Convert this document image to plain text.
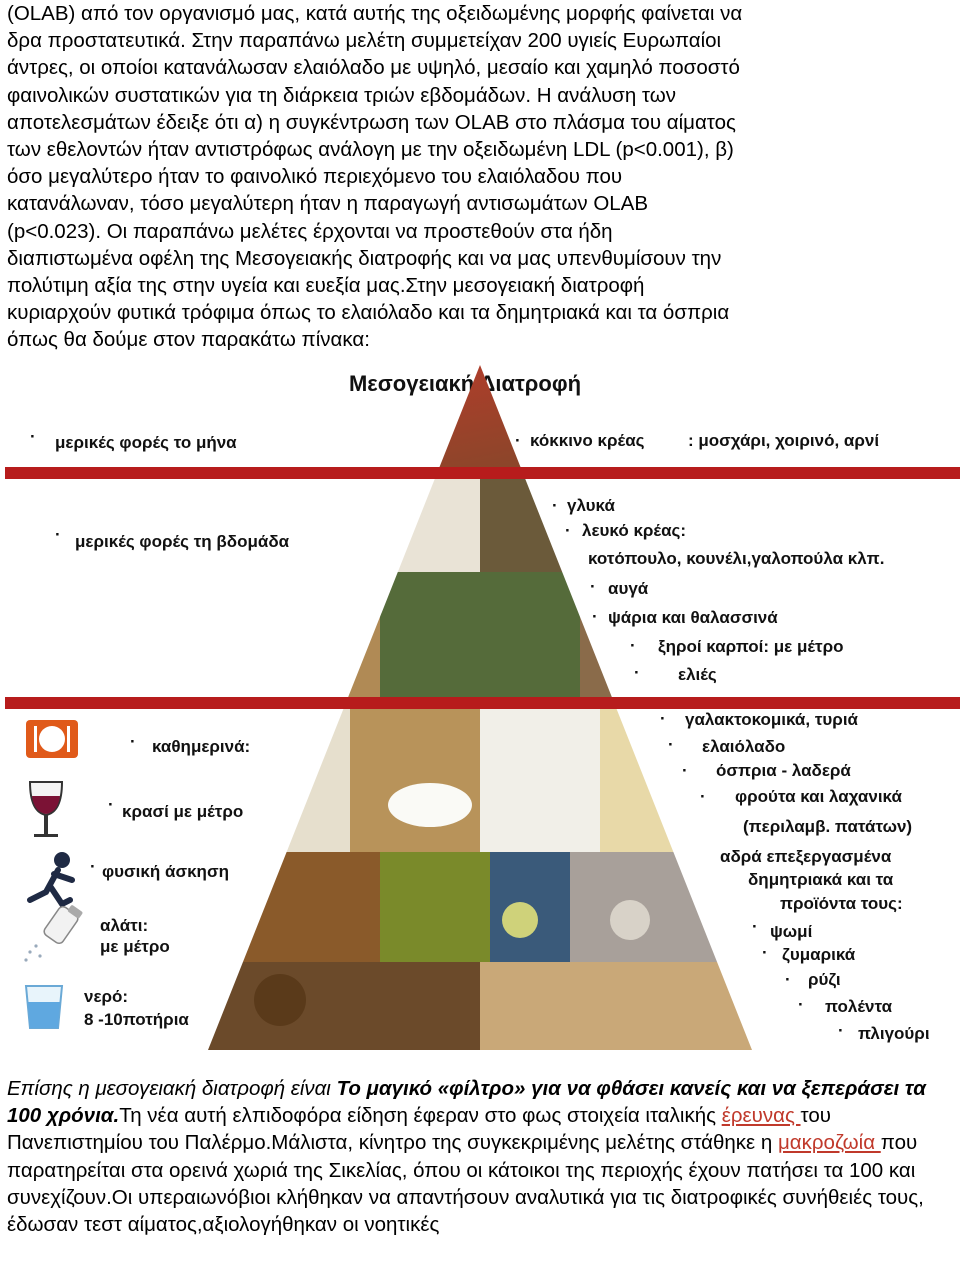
(OLAB) από τον οργανισμό μας, κατά αυτής της οξειδωμένης μορφής φαίνεται να
δρα προστατευτικά. Στην παραπάνω μελέτη συμμετείχαν 200 υγιείς Ευρωπαίοι
άντρες, οι οποίοι κατανάλωσαν ελαιόλαδο με υψηλό, μεσαίο και χαμηλό ποσοστό
φαινολικών συστατικών για τη διάρκεια τριών εβδομάδων. Η ανάλυση των
αποτελεσμάτων έδειξε ότι α) η συγκέντρωση των OLAB στο πλάσμα του αίματος
των εθελοντών ήταν αντιστρόφως ανάλογη με την οξειδωμένη LDL (p<0.001), β)
όσο μεγαλύτερο ήταν το φαινολικό περιεχόμενο του ελαιόλαδου που
κατανάλωναν, τόσο μεγαλύτερη ήταν η παραγωγή αντισωμάτων OLAB
(p<0.023). Οι παραπάνω μελέτες έρχονται να προστεθούν στα ήδη
διαπιστωμένα οφέλη της Μεσογειακής διατροφής και να μας υπενθυμίσουν την
πολύτιμη αξία της στην υγεία και ευεξία μας.Στην μεσογειακή διατροφή
κυριαρχούν φυτικά τρόφιμα όπως το ελαιόλαδο και τα δημητριακά και τα όσπρια
όπως θα δούμε στον παρακάτω πίνακα:
Μεσογειακή Διατροφή
· μερικές φορές το μήνα	· κόκκινο κρέας	: μοσχάρι, χοιρινό, αρνί
· μερικές φορές τη βδομάδα
· γλυκά
· λευκό κρέας:
κοτόπουλο, κουνέλι,γαλοπούλα κλπ.
· αυγά
· ψάρια και θαλασσινά
· ξηροί καρποί: με μέτρο
· ελιές
· γαλακτοκομικά, τυριά
· ελαιόλαδο
· όσπρια - λαδερά
· φρούτα και λαχανικά
(περιλαμβ. πατάτων)
αδρά επεξεργασμένα
δημητριακά και τα
προϊόντα τους:
· ψωμί
· ζυμαρικά
· ρύζι
· πολέντα
· πλιγούρι
· καθημερινά:
· κρασί με μέτρο
· φυσική άσκηση
αλάτι:
με μέτρο
νερό:
8 -10ποτήρια
Επίσης η μεσογειακή διατροφή είναι Το μαγικό «φίλτρο» για να φθάσει κανείς και να ξεπεράσει τα 100 χρόνια.Τη νέα αυτή ελπιδοφόρα είδηση έφεραν στο φως στοιχεία ιταλικής έρευνας του Πανεπιστημίου του Παλέρμο.Μάλιστα, κίνητρο της συγκεκριμένης μελέτης στάθηκε η μακροζωία που παρατηρείται στα ορεινά χωριά της Σικελίας, όπου οι κάτοικοι της περιοχής έχουν πατήσει τα 100 και συνεχίζουν.Οι υπεραιωνόβιοι κλήθηκαν να απαντήσουν αναλυτικά για τις διατροφικές συνήθειές τους, έδωσαν τεστ αίματος,αξιολογήθηκαν οι νοητικές
